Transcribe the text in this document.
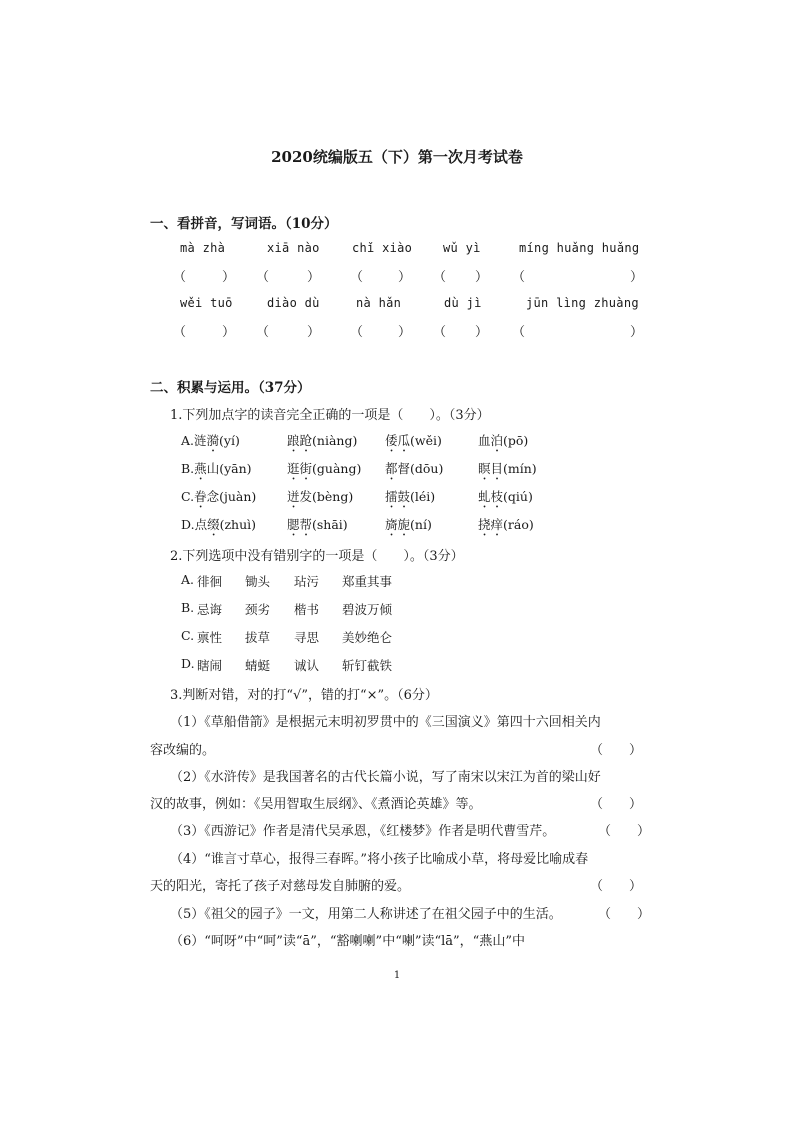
2020统编版五（下）第一次月考试卷
一、看拼音，写词语。（10分）
mà zhà	xiā nào	chǐ xiào	wǔ yì	míng huǎng huǎng
（	） （	） （	） （ ） （	）
wěi tuō	diào dù	nà hǎn	dù jì	jūn lìng zhuàng
（	） （	） （	） （ ） （	）
二、积累与运用。（37分）
1.下列加点字的读音完全正确的一项是（　　）。（3分）
A.涟漪(yí)	踉跄(niàng) 倭瓜(wěi)	血泊(pō)
B.燕山(yān)	逛街(guàng) 都督(dōu)	瞑目(mín)
C.眷念(juàn) 迸发(bèng)	擂鼓(léi)	虬枝(qiú)
D.点缀(zhuì) 腮帮(shāi)	旖旎(ní)	挠痒(ráo)
2.下列选项中没有错别字的一项是（　　）。（3分）
A. 徘徊 锄头 玷污 郑重其事
B. 忌诲 颈劣 楷书 碧波万倾
C. 禀性 拔草 寻思 美妙绝仑
D. 瞎闹 蜻蜓 诚认 斩钉截铁
3.判断对错，对的打“√”，错的打“×”。（6分）
（1）《草船借箭》是根据元末明初罗贯中的《三国演义》第四十六回相关内
容改编的。	（　　）
（2）《水浒传》是我国著名的古代长篇小说，写了南宋以宋江为首的梁山好
汉的故事，例如：《吴用智取生辰纲》、《煮酒论英雄》等。	（　　）
（3）《西游记》作者是清代吴承恩，《红楼梦》作者是明代曹雪芹。	（　　）
（4）“谁言寸草心，报得三春晖。”将小孩子比喻成小草，将母爱比喻成春
天的阳光，寄托了孩子对慈母发自肺腑的爱。	（　　）
（5）《祖父的园子》一文，用第二人称讲述了在祖父园子中的生活。	（　　）
（6）“呵呀”中“呵”读“ā”，“豁喇喇”中“喇”读“lā”，“燕山”中
1
